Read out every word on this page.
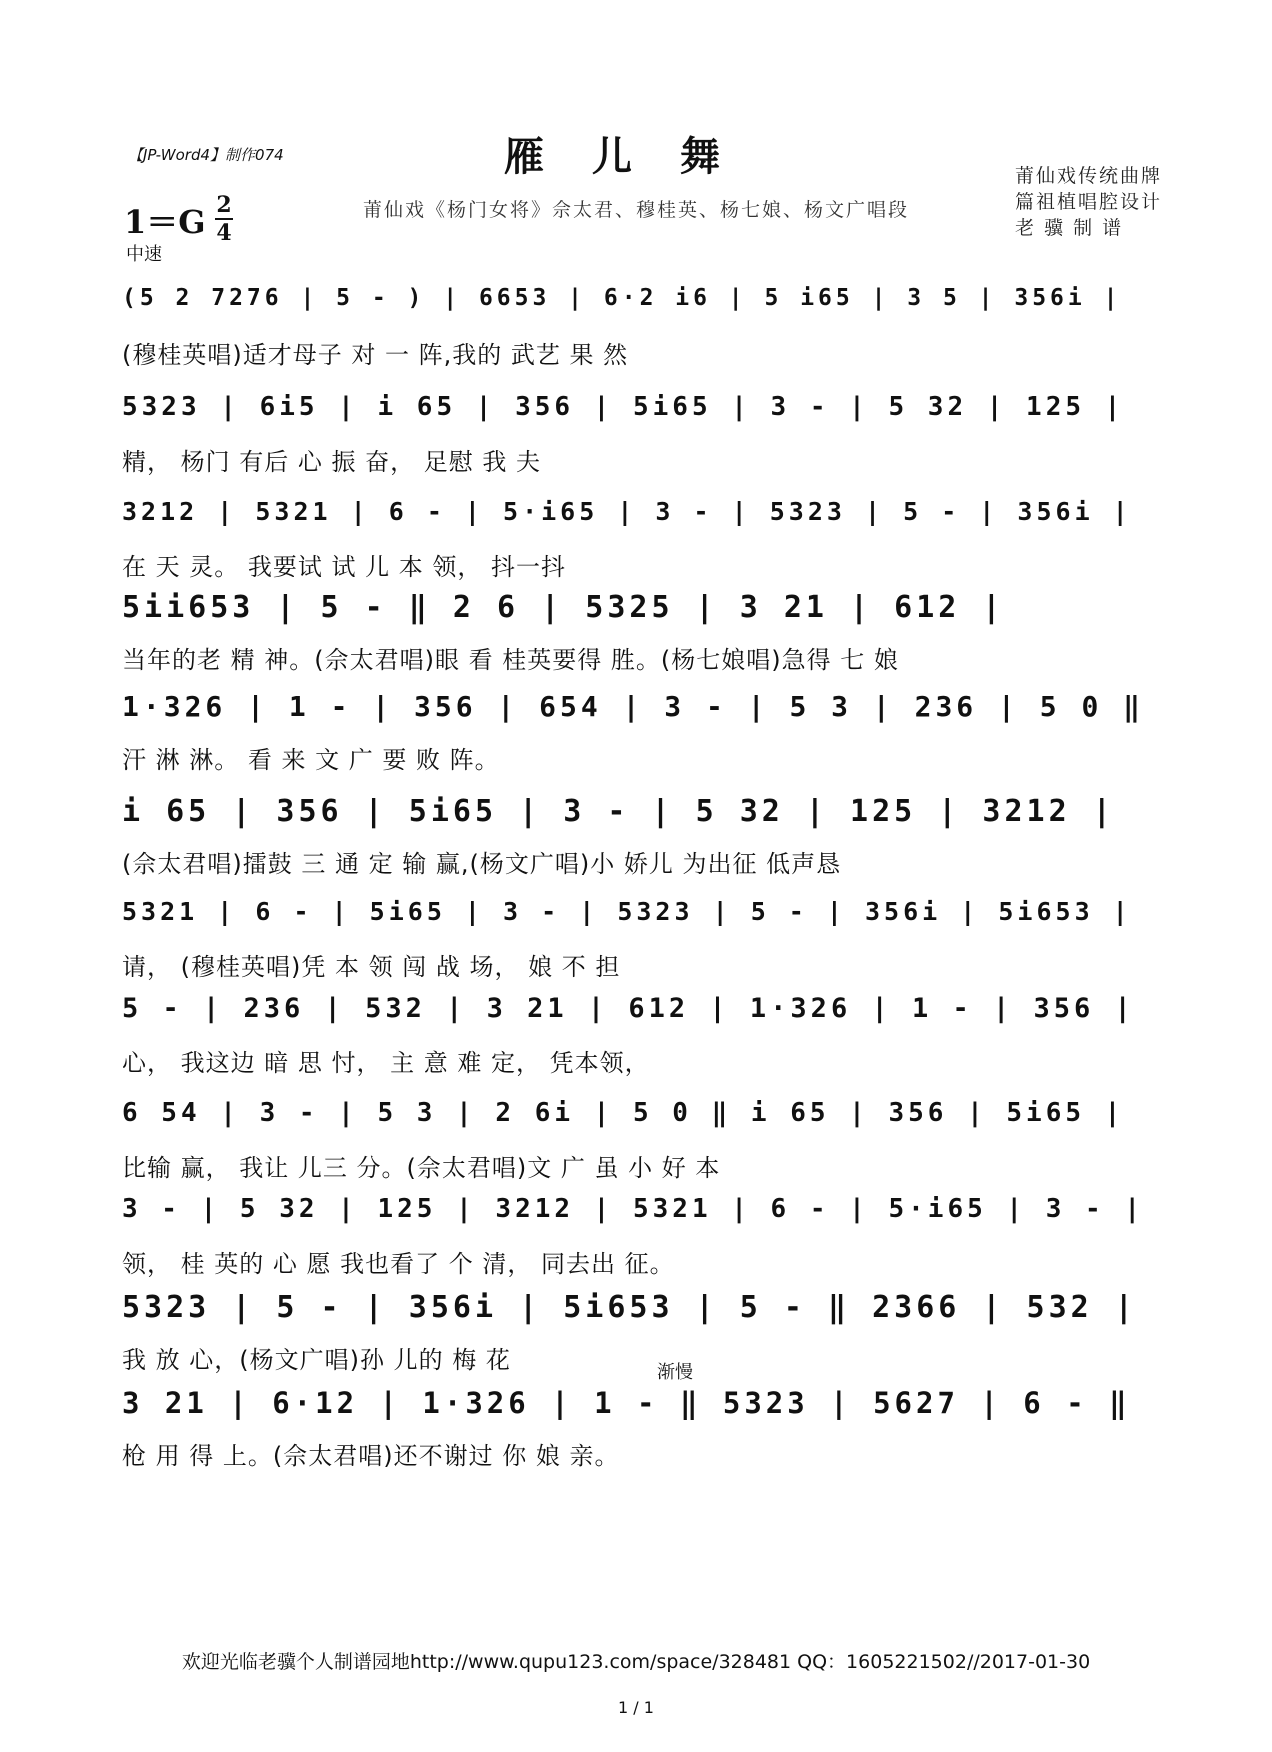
【JP-Word4】制作074	雁儿舞
莆仙戏《杨门女将》佘太君、穆桂英、杨七娘、杨文广唱段
莆仙戏传统曲牌
篇祖植唱腔设计
老 骥 制 谱
1＝G 2
4
中速
(5 2 7276 | 5 - ) | 6653 | 6·2 i6 | 5 i65 | 3 5 | 356i |
(穆桂英唱)适才母子 对 一 阵,我的 武艺 果 然
5323 | 6i5 | i 65 | 356 | 5i65 | 3 - | 5 32 | 125 |
精， 杨门 有后 心 振 奋， 足慰 我 夫
3212 | 5321 | 6 - | 5·i65 | 3 - | 5323 | 5 - | 356i |
在 天 灵。 我要试 试 儿 本 领， 抖一抖
5ii653 | 5 - ‖ 2 6 | 5325 | 3 21 | 612 |
当年的老 精 神。(佘太君唱)眼 看 桂英要得 胜。(杨七娘唱)急得 七 娘
1·326 | 1 - | 356 | 654 | 3 - | 5 3 | 236 | 5 0 ‖
汗 淋 淋。 看 来 文 广 要 败 阵。
i 65 | 356 | 5i65 | 3 - | 5 32 | 125 | 3212 |
(佘太君唱)擂鼓 三 通 定 输 赢,(杨文广唱)小 娇儿 为出征 低声恳
5321 | 6 - | 5i65 | 3 - | 5323 | 5 - | 356i | 5i653 |
请， (穆桂英唱)凭 本 领 闯 战 场， 娘 不 担
5 - | 236 | 532 | 3 21 | 612 | 1·326 | 1 - | 356 |
心， 我这边 暗 思 忖， 主 意 难 定， 凭本领，
6 54 | 3 - | 5 3 | 2 6i | 5 0 ‖ i 65 | 356 | 5i65 |
比输 赢， 我让 儿三 分。(佘太君唱)文 广 虽 小 好 本
3 - | 5 32 | 125 | 3212 | 5321 | 6 - | 5·i65 | 3 - |
领， 桂 英的 心 愿 我也看了 个 清， 同去出 征。
5323 | 5 - | 356i | 5i653 | 5 - ‖ 2366 | 532 |
我 放 心，(杨文广唱)孙 儿的 梅 花
3 21 | 6·12 | 1·326 | 1 - ‖ 5323 | 5627 | 6 - ‖
枪 用 得 上。(佘太君唱)还不谢过 你 娘 亲。
渐慢
欢迎光临老骥个人制谱园地http://www.qupu123.com/space/328481 QQ：1605221502//2017-01-30
1 / 1
